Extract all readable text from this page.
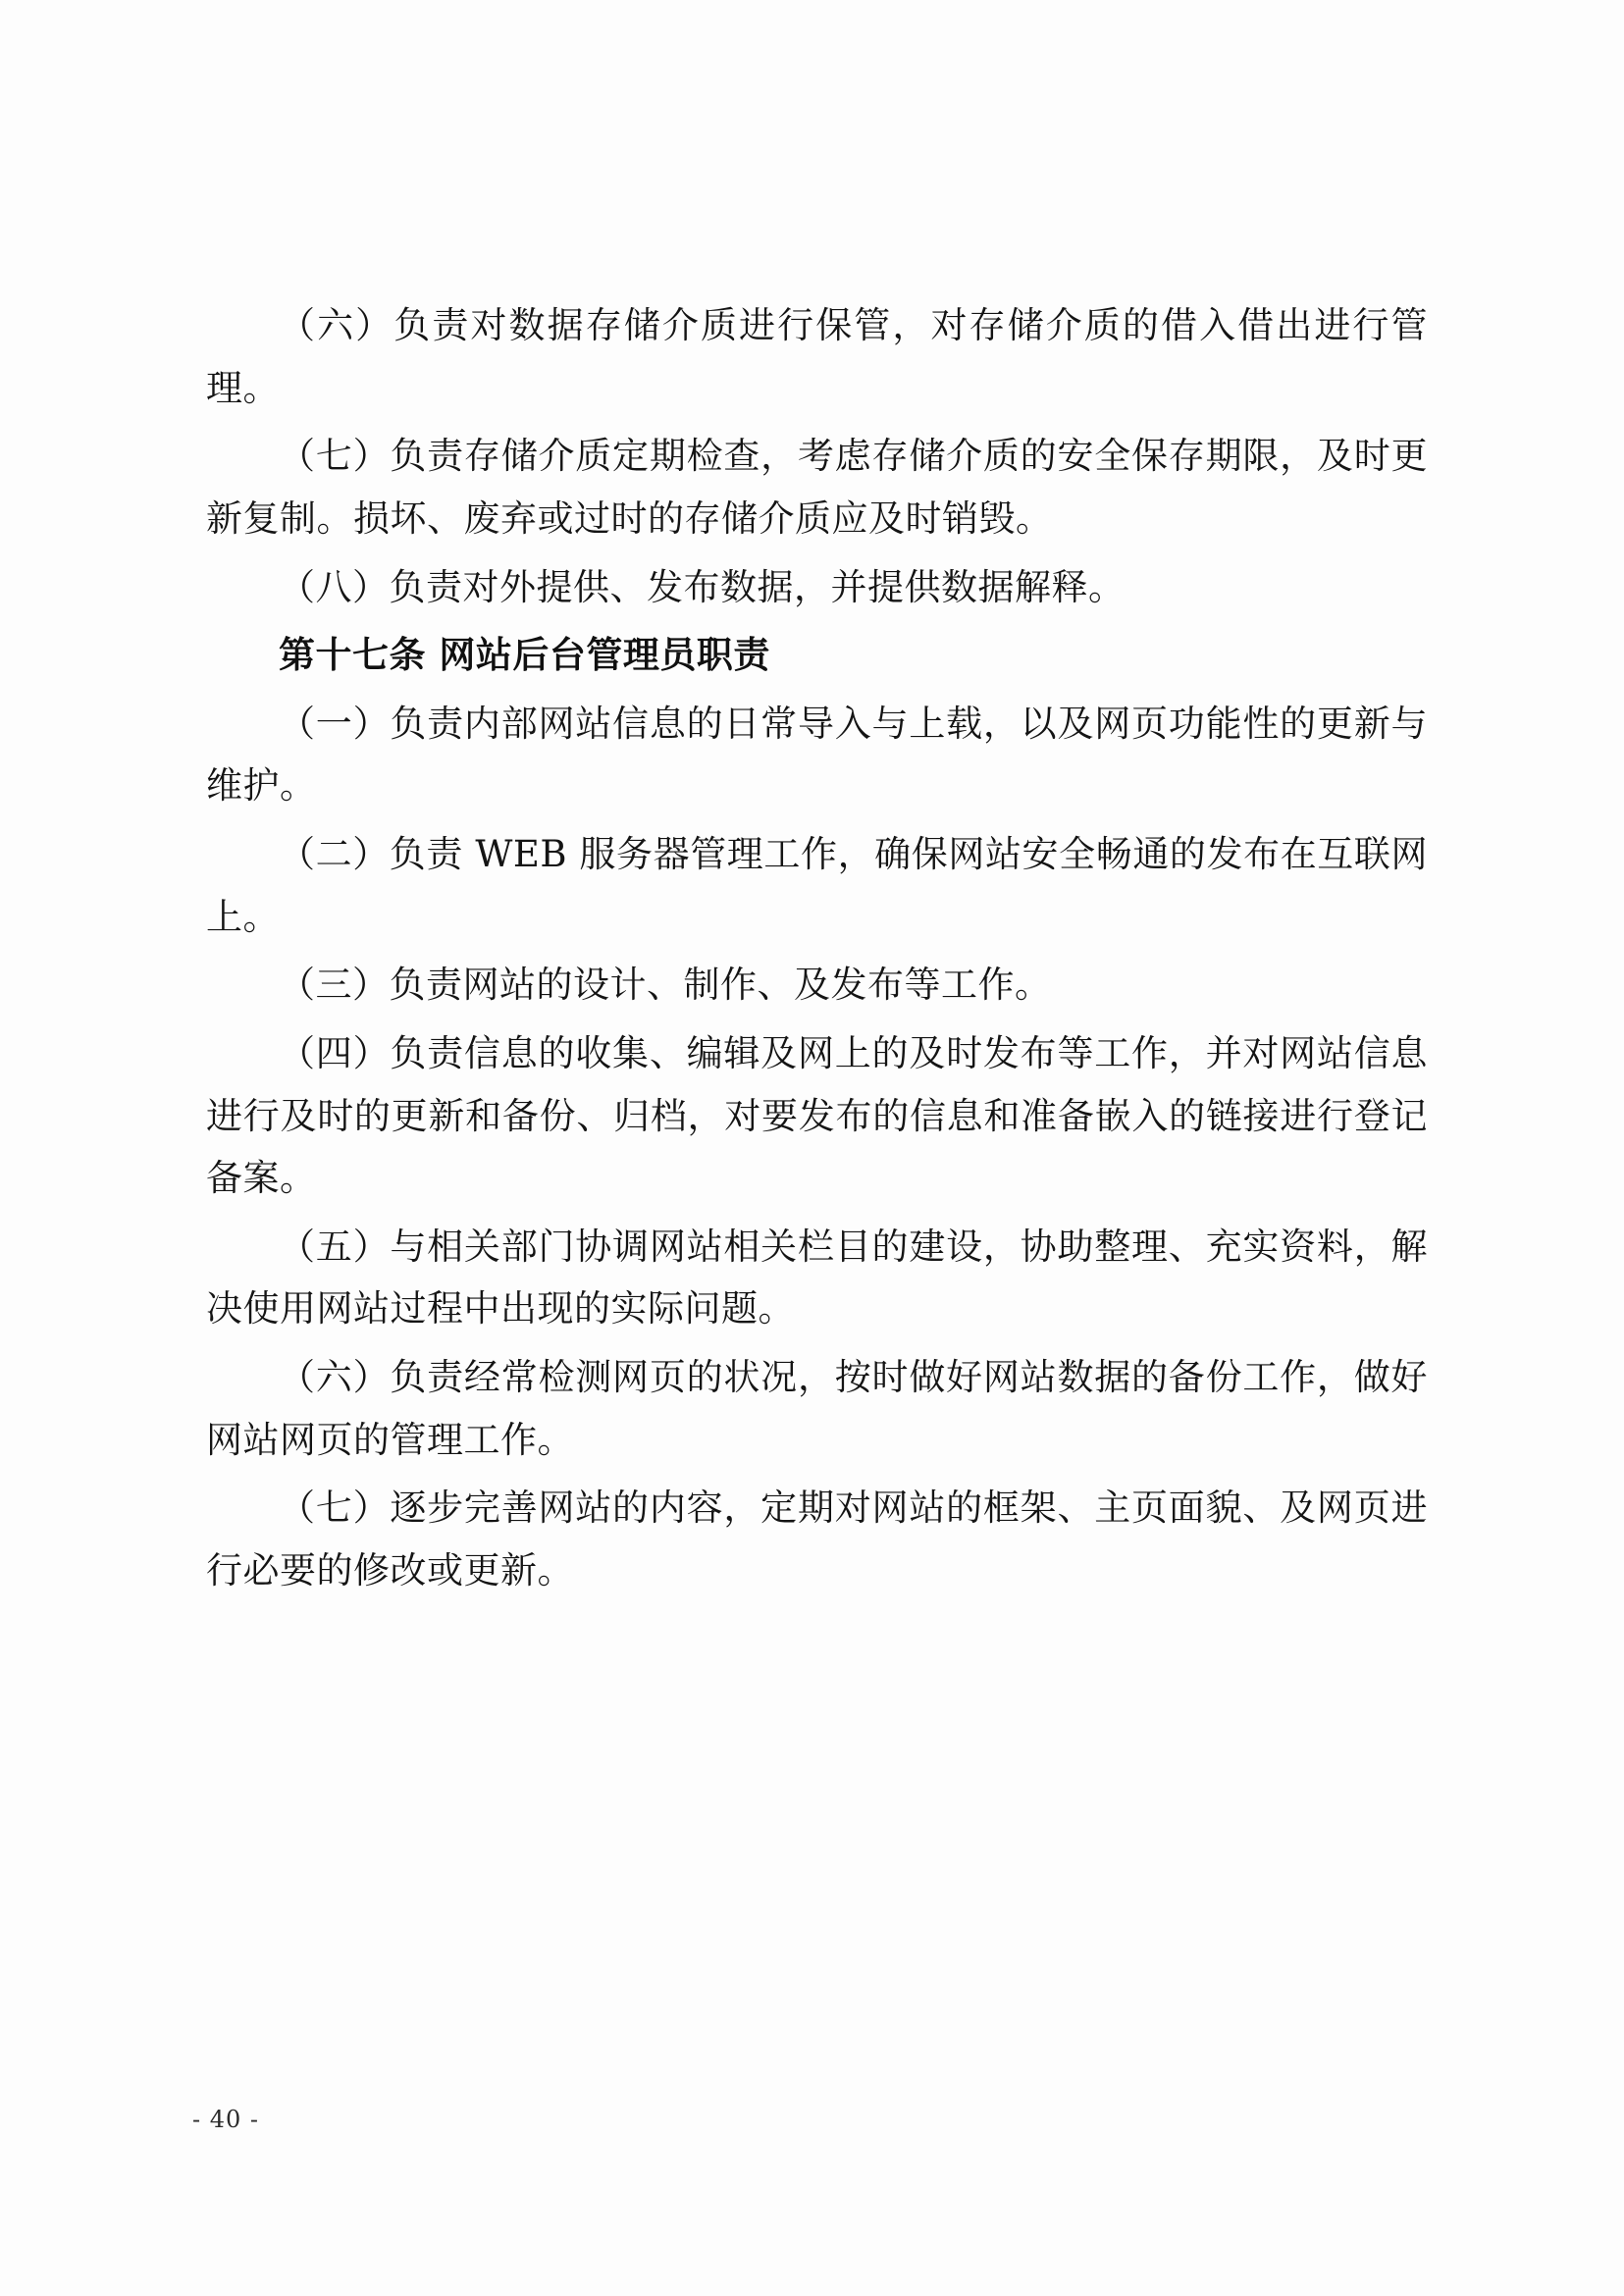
（六）负责对数据存储介质进行保管，对存储介质的借入借出进行管理。

（七）负责存储介质定期检查，考虑存储介质的安全保存期限，及时更新复制。损坏、废弃或过时的存储介质应及时销毁。

（八）负责对外提供、发布数据，并提供数据解释。

第十七条 网站后台管理员职责

（一）负责内部网站信息的日常导入与上载，以及网页功能性的更新与维护。

（二）负责 WEB 服务器管理工作，确保网站安全畅通的发布在互联网上。

（三）负责网站的设计、制作、及发布等工作。

（四）负责信息的收集、编辑及网上的及时发布等工作，并对网站信息进行及时的更新和备份、归档，对要发布的信息和准备嵌入的链接进行登记备案。

（五）与相关部门协调网站相关栏目的建设，协助整理、充实资料，解决使用网站过程中出现的实际问题。

（六）负责经常检测网页的状况，按时做好网站数据的备份工作，做好网站网页的管理工作。

（七）逐步完善网站的内容，定期对网站的框架、主页面貌、及网页进行必要的修改或更新。

- 40 -
